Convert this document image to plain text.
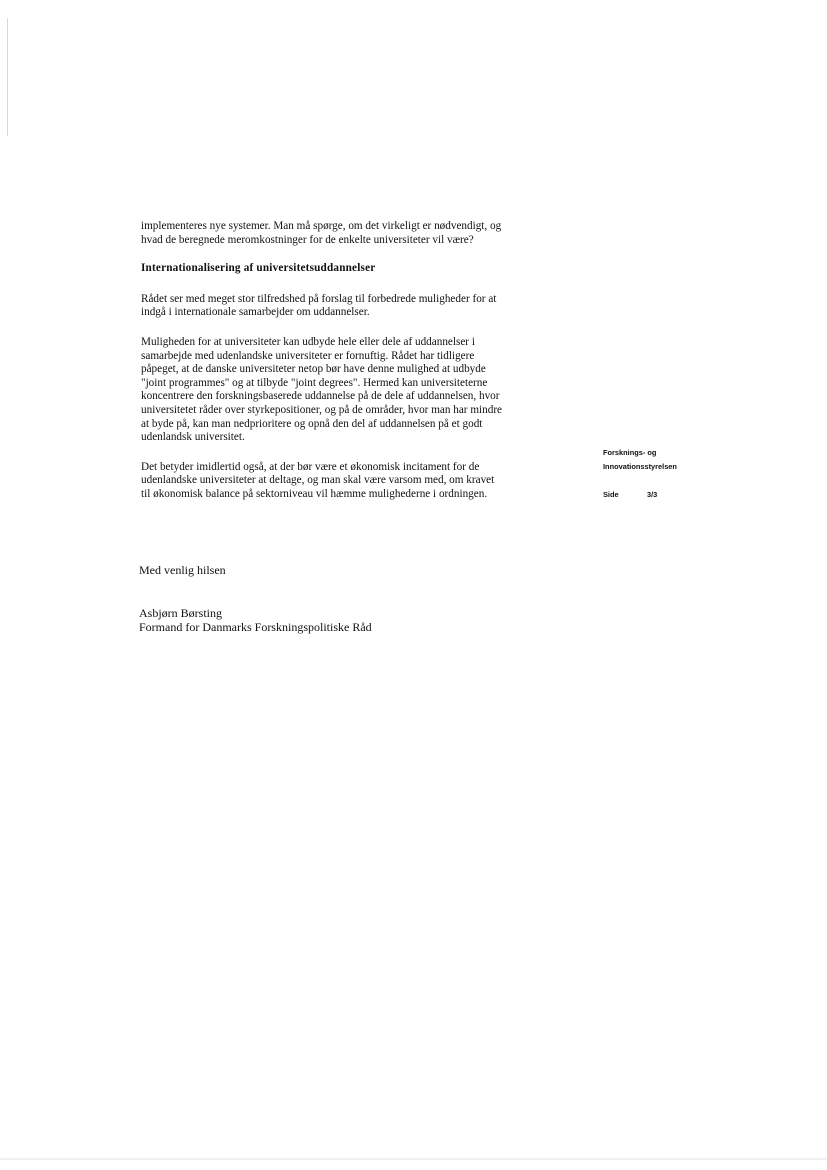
implementeres nye systemer. Man må spørge, om det virkeligt er nødvendigt, og
hvad de beregnede meromkostninger for de enkelte universiteter vil være?

Internationalisering af universitetsuddannelser

Rådet ser med meget stor tilfredshed på forslag til forbedrede muligheder for at
indgå i internationale samarbejder om uddannelser.

Muligheden for at universiteter kan udbyde hele eller dele af uddannelser i
samarbejde med udenlandske universiteter er fornuftig. Rådet har tidligere
påpeget, at de danske universiteter netop bør have denne mulighed at udbyde
"joint programmes" og at tilbyde "joint degrees". Hermed kan universiteterne
koncentrere den forskningsbaserede uddannelse på de dele af uddannelsen, hvor
universitetet råder over styrkepositioner, og på de områder, hvor man har mindre
at byde på, kan man nedprioritere og opnå den del af uddannelsen på et godt
udenlandsk universitet.

Det betyder imidlertid også, at der bør være et økonomisk incitament for de
udenlandske universiteter at deltage, og man skal være varsom med, om kravet
til økonomisk balance på sektorniveau vil hæmme mulighederne i ordningen.

Med venlig hilsen
Asbjørn Børsting
Formand for Danmarks Forskningspolitiske Råd
Forsknings- og
Innovationsstyrelsen
Side	3/3
